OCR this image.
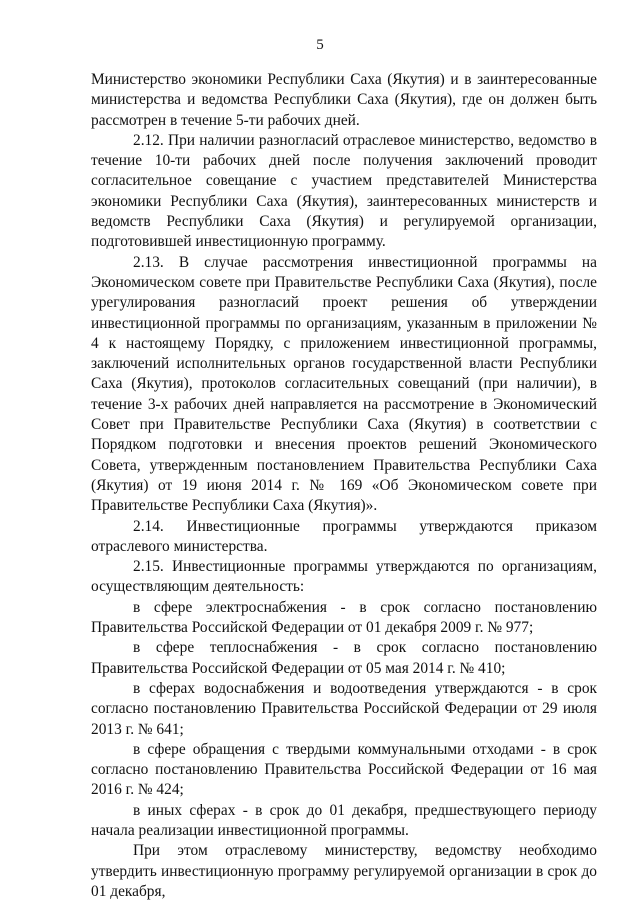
5

Министерство экономики Республики Саха (Якутия) и в заинтересованные министерства и ведомства Республики Саха (Якутия), где он должен быть рассмотрен в течение 5-ти рабочих дней.

2.12. При наличии разногласий отраслевое министерство, ведомство в течение 10-ти рабочих дней после получения заключений проводит согласительное совещание с участием представителей Министерства экономики Республики Саха (Якутия), заинтересованных министерств и ведомств Республики Саха (Якутия) и регулируемой организации, подготовившей инвестиционную программу.

2.13. В случае рассмотрения инвестиционной программы на Экономическом совете при Правительстве Республики Саха (Якутия), после урегулирования разногласий проект решения об утверждении инвестиционной программы по организациям, указанным в приложении № 4 к настоящему Порядку, с приложением инвестиционной программы, заключений исполнительных органов государственной власти Республики Саха (Якутия), протоколов согласительных совещаний (при наличии), в течение 3-х рабочих дней направляется на рассмотрение в Экономический Совет при Правительстве Республики Саха (Якутия) в соответствии с Порядком подготовки и внесения проектов решений Экономического Совета, утвержденным постановлением Правительства Республики Саха (Якутия) от 19 июня 2014 г. № 169 «Об Экономическом совете при Правительстве Республики Саха (Якутия)».

2.14. Инвестиционные программы утверждаются приказом отраслевого министерства.

2.15. Инвестиционные программы утверждаются по организациям, осуществляющим деятельность:

в сфере электроснабжения - в срок согласно постановлению Правительства Российской Федерации от 01 декабря 2009 г. № 977;

в сфере теплоснабжения - в срок согласно постановлению Правительства Российской Федерации от 05 мая 2014 г. № 410;

в сферах водоснабжения и водоотведения утверждаются - в срок согласно постановлению Правительства Российской Федерации от 29 июля 2013 г. № 641;

в сфере обращения с твердыми коммунальными отходами - в срок согласно постановлению Правительства Российской Федерации от 16 мая 2016 г. № 424;

в иных сферах - в срок до 01 декабря, предшествующего периоду начала реализации инвестиционной программы.

При этом отраслевому министерству, ведомству необходимо утвердить инвестиционную программу регулируемой организации в срок до 01 декабря,
